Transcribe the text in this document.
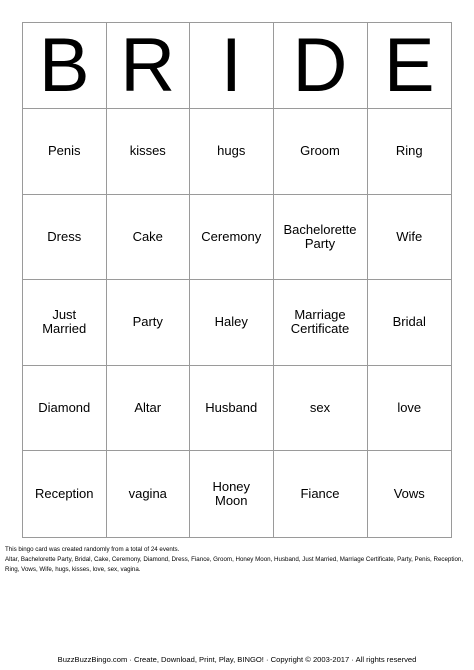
B R I D E
Penis	kisses	hugs	Groom	Ring
Dress	Cake	Ceremony	Bachelorette Party	Wife
Just Married	Party	Haley	Marriage Certificate	Bridal
Diamond	Altar	Husband	sex	love
Reception	vagina	Honey Moon	Fiance	Vows

This bingo card was created randomly from a total of 24 events.

Altar, Bachelorette Party, Bridal, Cake, Ceremony, Diamond, Dress, Fiance, Groom, Honey Moon, Husband, Just Married, Marriage Certificate, Party, Penis, Reception, Ring, Vows, Wife, hugs, kisses, love, sex, vagina.

BuzzBuzzBingo.com · Create, Download, Print, Play, BINGO! · Copyright © 2003-2017 · All rights reserved
